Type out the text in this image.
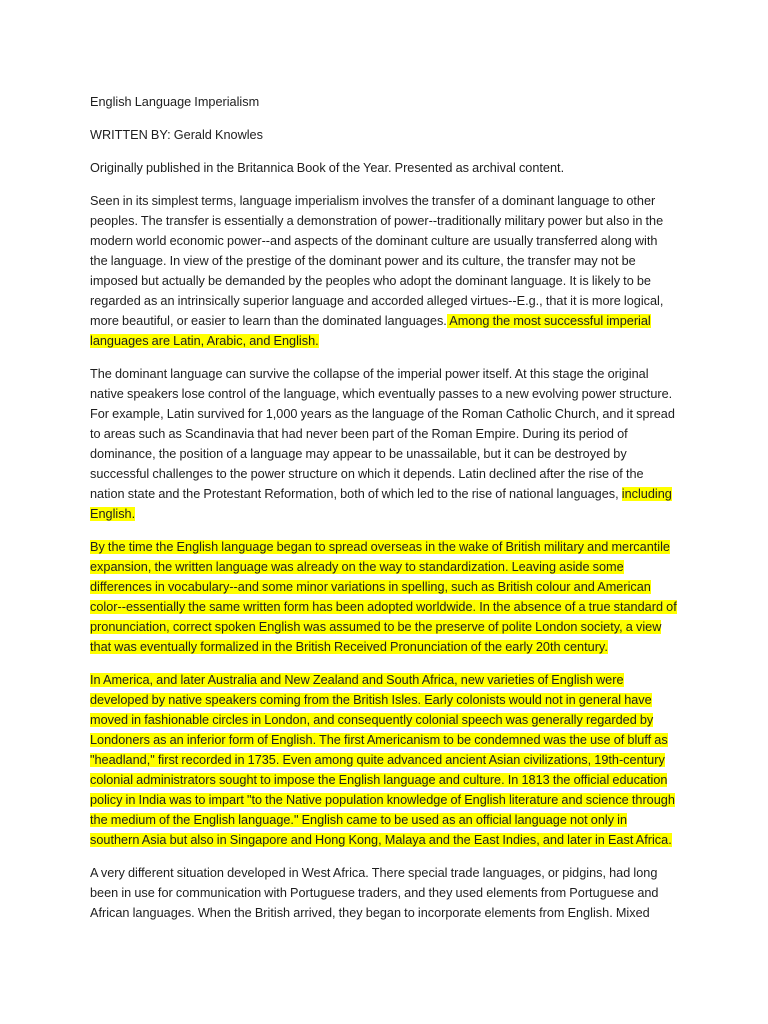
English Language Imperialism

WRITTEN BY: Gerald Knowles

Originally published in the Britannica Book of the Year. Presented as archival content.

Seen in its simplest terms, language imperialism involves the transfer of a dominant language to other peoples. The transfer is essentially a demonstration of power--traditionally military power but also in the modern world economic power--and aspects of the dominant culture are usually transferred along with the language. In view of the prestige of the dominant power and its culture, the transfer may not be imposed but actually be demanded by the peoples who adopt the dominant language. It is likely to be regarded as an intrinsically superior language and accorded alleged virtues--E.g., that it is more logical, more beautiful, or easier to learn than the dominated languages. Among the most successful imperial languages are Latin, Arabic, and English.

The dominant language can survive the collapse of the imperial power itself. At this stage the original native speakers lose control of the language, which eventually passes to a new evolving power structure. For example, Latin survived for 1,000 years as the language of the Roman Catholic Church, and it spread to areas such as Scandinavia that had never been part of the Roman Empire. During its period of dominance, the position of a language may appear to be unassailable, but it can be destroyed by successful challenges to the power structure on which it depends. Latin declined after the rise of the nation state and the Protestant Reformation, both of which led to the rise of national languages, including English.

By the time the English language began to spread overseas in the wake of British military and mercantile expansion, the written language was already on the way to standardization. Leaving aside some differences in vocabulary--and some minor variations in spelling, such as British colour and American color--essentially the same written form has been adopted worldwide. In the absence of a true standard of pronunciation, correct spoken English was assumed to be the preserve of polite London society, a view that was eventually formalized in the British Received Pronunciation of the early 20th century.

In America, and later Australia and New Zealand and South Africa, new varieties of English were developed by native speakers coming from the British Isles. Early colonists would not in general have moved in fashionable circles in London, and consequently colonial speech was generally regarded by Londoners as an inferior form of English. The first Americanism to be condemned was the use of bluff as "headland," first recorded in 1735. Even among quite advanced ancient Asian civilizations, 19th-century colonial administrators sought to impose the English language and culture. In 1813 the official education policy in India was to impart "to the Native population knowledge of English literature and science through the medium of the English language." English came to be used as an official language not only in southern Asia but also in Singapore and Hong Kong, Malaya and the East Indies, and later in East Africa.

A very different situation developed in West Africa. There special trade languages, or pidgins, had long been in use for communication with Portuguese traders, and they used elements from Portuguese and African languages. When the British arrived, they began to incorporate elements from English. Mixed
